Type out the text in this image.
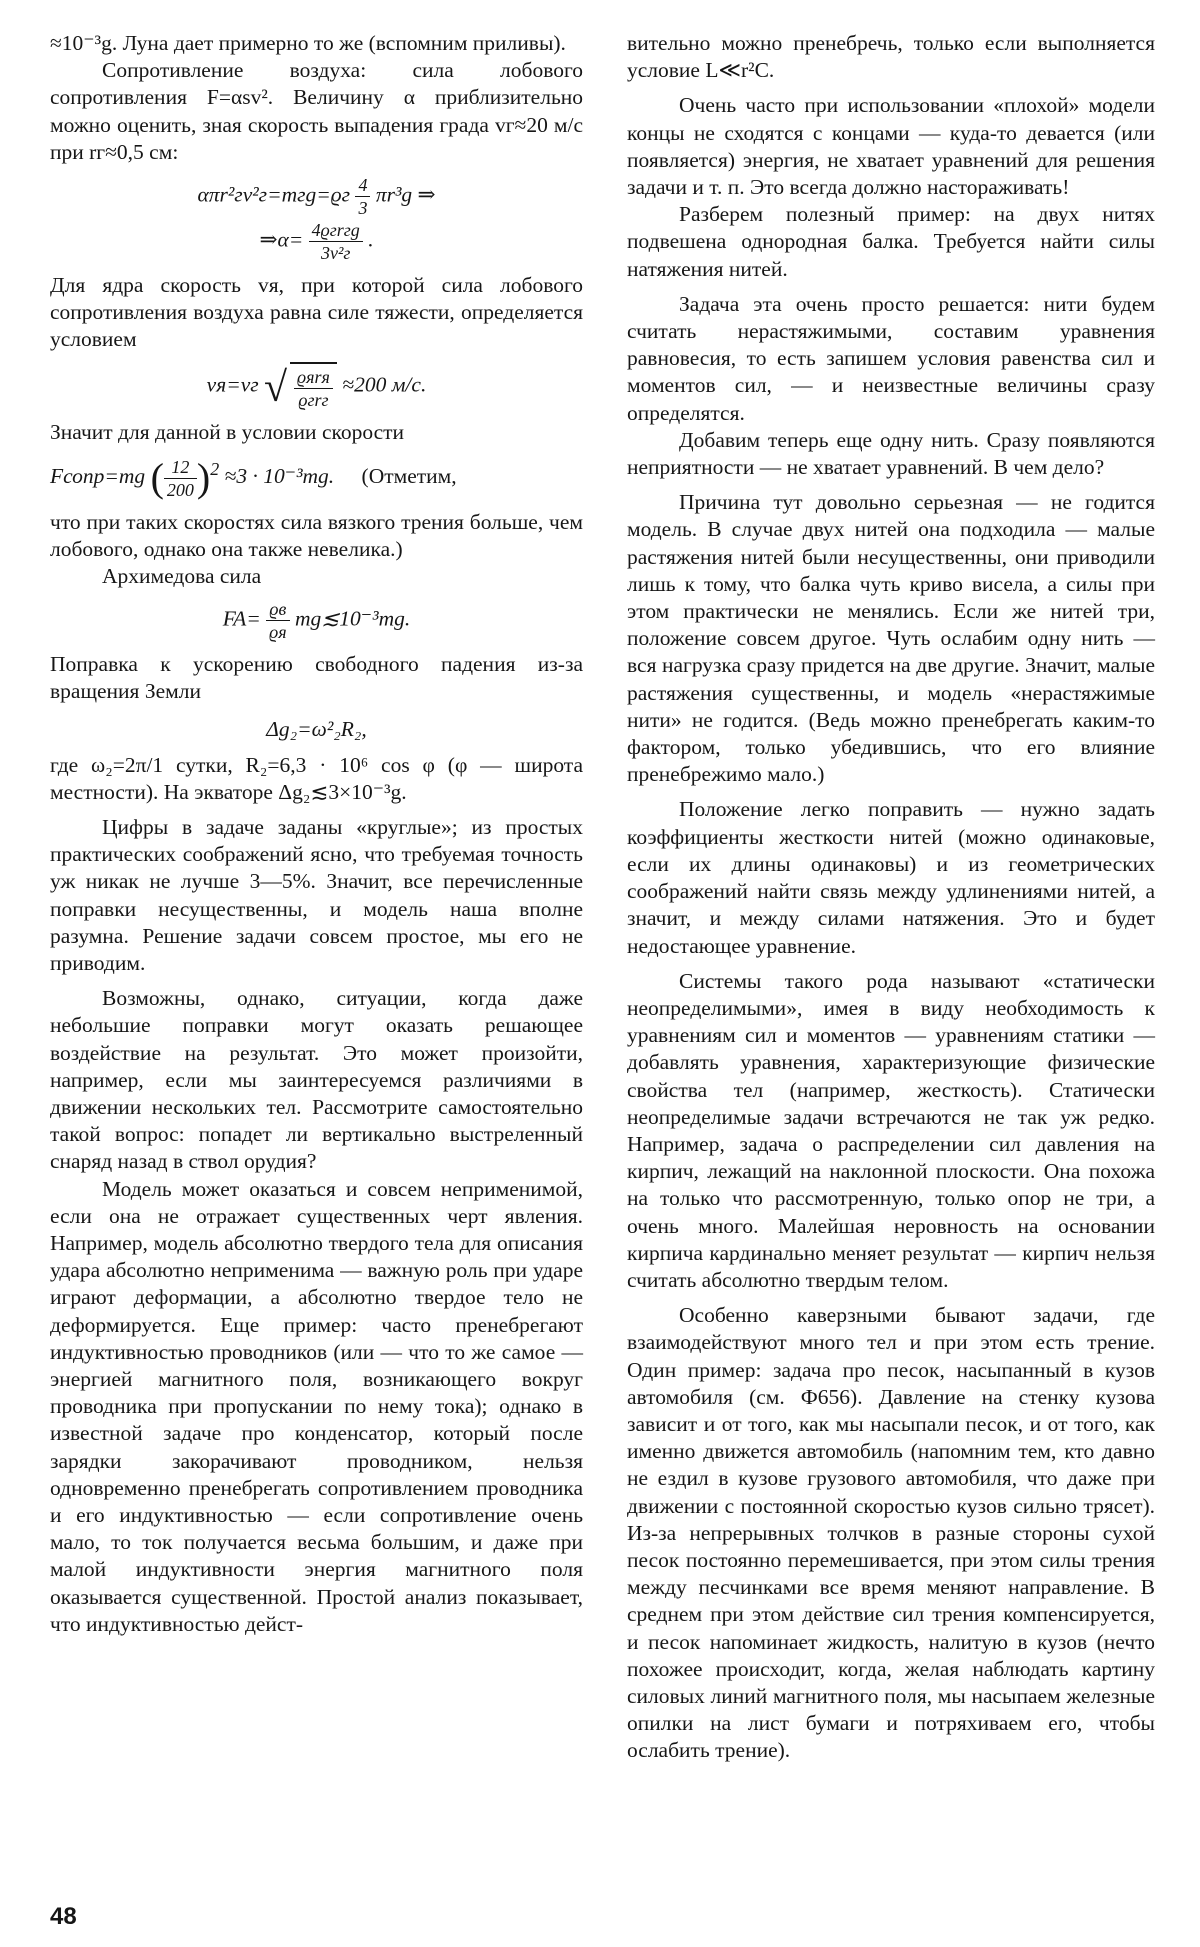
≈10⁻³g. Луна дает примерно то же (вспомним приливы).

Сопротивление воздуха: сила лобового сопротивления F=αsv². Величину α приблизительно можно оценить, зная скорость выпадения града vг≈20 м/с при rг≈0,5 см:

$\alpha\pi r^2гv^2г=mгg=ϱг \frac{4}{3} \pi r^3g$ ⇒
⇒α= $\frac{\text{4ϱгrгg}}{\text{3v²г}}$ .

Для ядра скорость vя, при которой сила лобового сопротивления воздуха равна силе тяжести, определяется условием

vя=vг √ $\frac{\text{ϱяrя}}{\text{ϱгrг}} \approx 200$ м/с.

Значит для данной в условии скорости

Fсопр=mg ( $\frac{12}{200} )^2 \approx 3 \cdot 10^{-3}mg$. (Отметим,

что при таких скоростях сила вязкого трения больше, чем лобового, однако она также невелика.)

Архимедова сила

$FA= \frac{ϱв}{ϱя}$ mg≲10⁻³mg.

Поправка к ускорению свободного падения из-за вращения Земли

Δg₂=ω²₂R₂,

где ω₂=2π/1 сутки, R₂=6,3 · 10⁶ cos φ (φ — широта местности). На экваторе Δg₂≲3×10⁻³g.

Цифры в задаче заданы «круглые»; из простых практических соображений ясно, что требуемая точность уж никак не лучше 3—5%. Значит, все перечисленные поправки несущественны, и модель наша вполне разумна. Решение задачи совсем простое, мы его не приводим.

Возможны, однако, ситуации, когда даже небольшие поправки могут оказать решающее воздействие на результат. Это может произойти, например, если мы заинтересуемся различиями в движении нескольких тел. Рассмотрите самостоятельно такой вопрос: попадет ли вертикально выстреленный снаряд назад в ствол орудия?

Модель может оказаться и совсем неприменимой, если она не отражает существенных черт явления. Например, модель абсолютно твердого тела для описания удара абсолютно неприменима — важную роль при ударе играют деформации, а абсолютно твердое тело не деформируется. Еще пример: часто пренебрегают индуктивностью проводников (или — что то же самое — энергией магнитного поля, возникающего вокруг проводника при пропускании по нему тока); однако в известной задаче про конденсатор, который после зарядки закорачивают проводником, нельзя одновременно пренебрегать сопротивлением проводника и его индуктивностью — если сопротивление очень мало, то ток получается весьма большим, и даже при малой индуктивности энергия магнитного поля оказывается существенной. Простой анализ показывает, что индуктивностью дейст-

вительно можно пренебречь, только если выполняется условие L≪r²C.

Очень часто при использовании «плохой» модели концы не сходятся с концами — куда-то девается (или появляется) энергия, не хватает уравнений для решения задачи и т. п. Это всегда должно настораживать!

Разберем полезный пример: на двух нитях подвешена однородная балка. Требуется найти силы натяжения нитей.

Задача эта очень просто решается: нити будем считать нерастяжимыми, составим уравнения равновесия, то есть запишем условия равенства сил и моментов сил, — и неизвестные величины сразу определятся.

Добавим теперь еще одну нить. Сразу появляются неприятности — не хватает уравнений. В чем дело?

Причина тут довольно серьезная — не годится модель. В случае двух нитей она подходила — малые растяжения нитей были несущественны, они приводили лишь к тому, что балка чуть криво висела, а силы при этом практически не менялись. Если же нитей три, положение совсем другое. Чуть ослабим одну нить — вся нагрузка сразу придется на две другие. Значит, малые растяжения существенны, и модель «нерастяжимые нити» не годится. (Ведь можно пренебрегать каким-то фактором, только убедившись, что его влияние пренебрежимо мало.)

Положение легко поправить — нужно задать коэффициенты жесткости нитей (можно одинаковые, если их длины одинаковы) и из геометрических соображений найти связь между удлинениями нитей, а значит, и между силами натяжения. Это и будет недостающее уравнение.

Системы такого рода называют «статически неопределимыми», имея в виду необходимость к уравнениям сил и моментов — уравнениям статики — добавлять уравнения, характеризующие физические свойства тел (например, жесткость). Статически неопределимые задачи встречаются не так уж редко. Например, задача о распределении сил давления на кирпич, лежащий на наклонной плоскости. Она похожа на только что рассмотренную, только опор не три, а очень много. Малейшая неровность на основании кирпича кардинально меняет результат — кирпич нельзя считать абсолютно твердым телом.

Особенно каверзными бывают задачи, где взаимодействуют много тел и при этом есть трение. Один пример: задача про песок, насыпанный в кузов автомобиля (см. Ф656). Давление на стенку кузова зависит и от того, как мы насыпали песок, и от того, как именно движется автомобиль (напомним тем, кто давно не ездил в кузове грузового автомобиля, что даже при движении с постоянной скоростью кузов сильно трясет). Из-за непрерывных толчков в разные стороны сухой песок постоянно перемешивается, при этом силы трения между песчинками все время меняют направление. В среднем при этом действие сил трения компенсируется, и песок напоминает жидкость, налитую в кузов (нечто похожее происходит, когда, желая наблюдать картину силовых линий магнитного поля, мы насыпаем железные опилки на лист бумаги и потряхиваем его, чтобы ослабить трение).

48
